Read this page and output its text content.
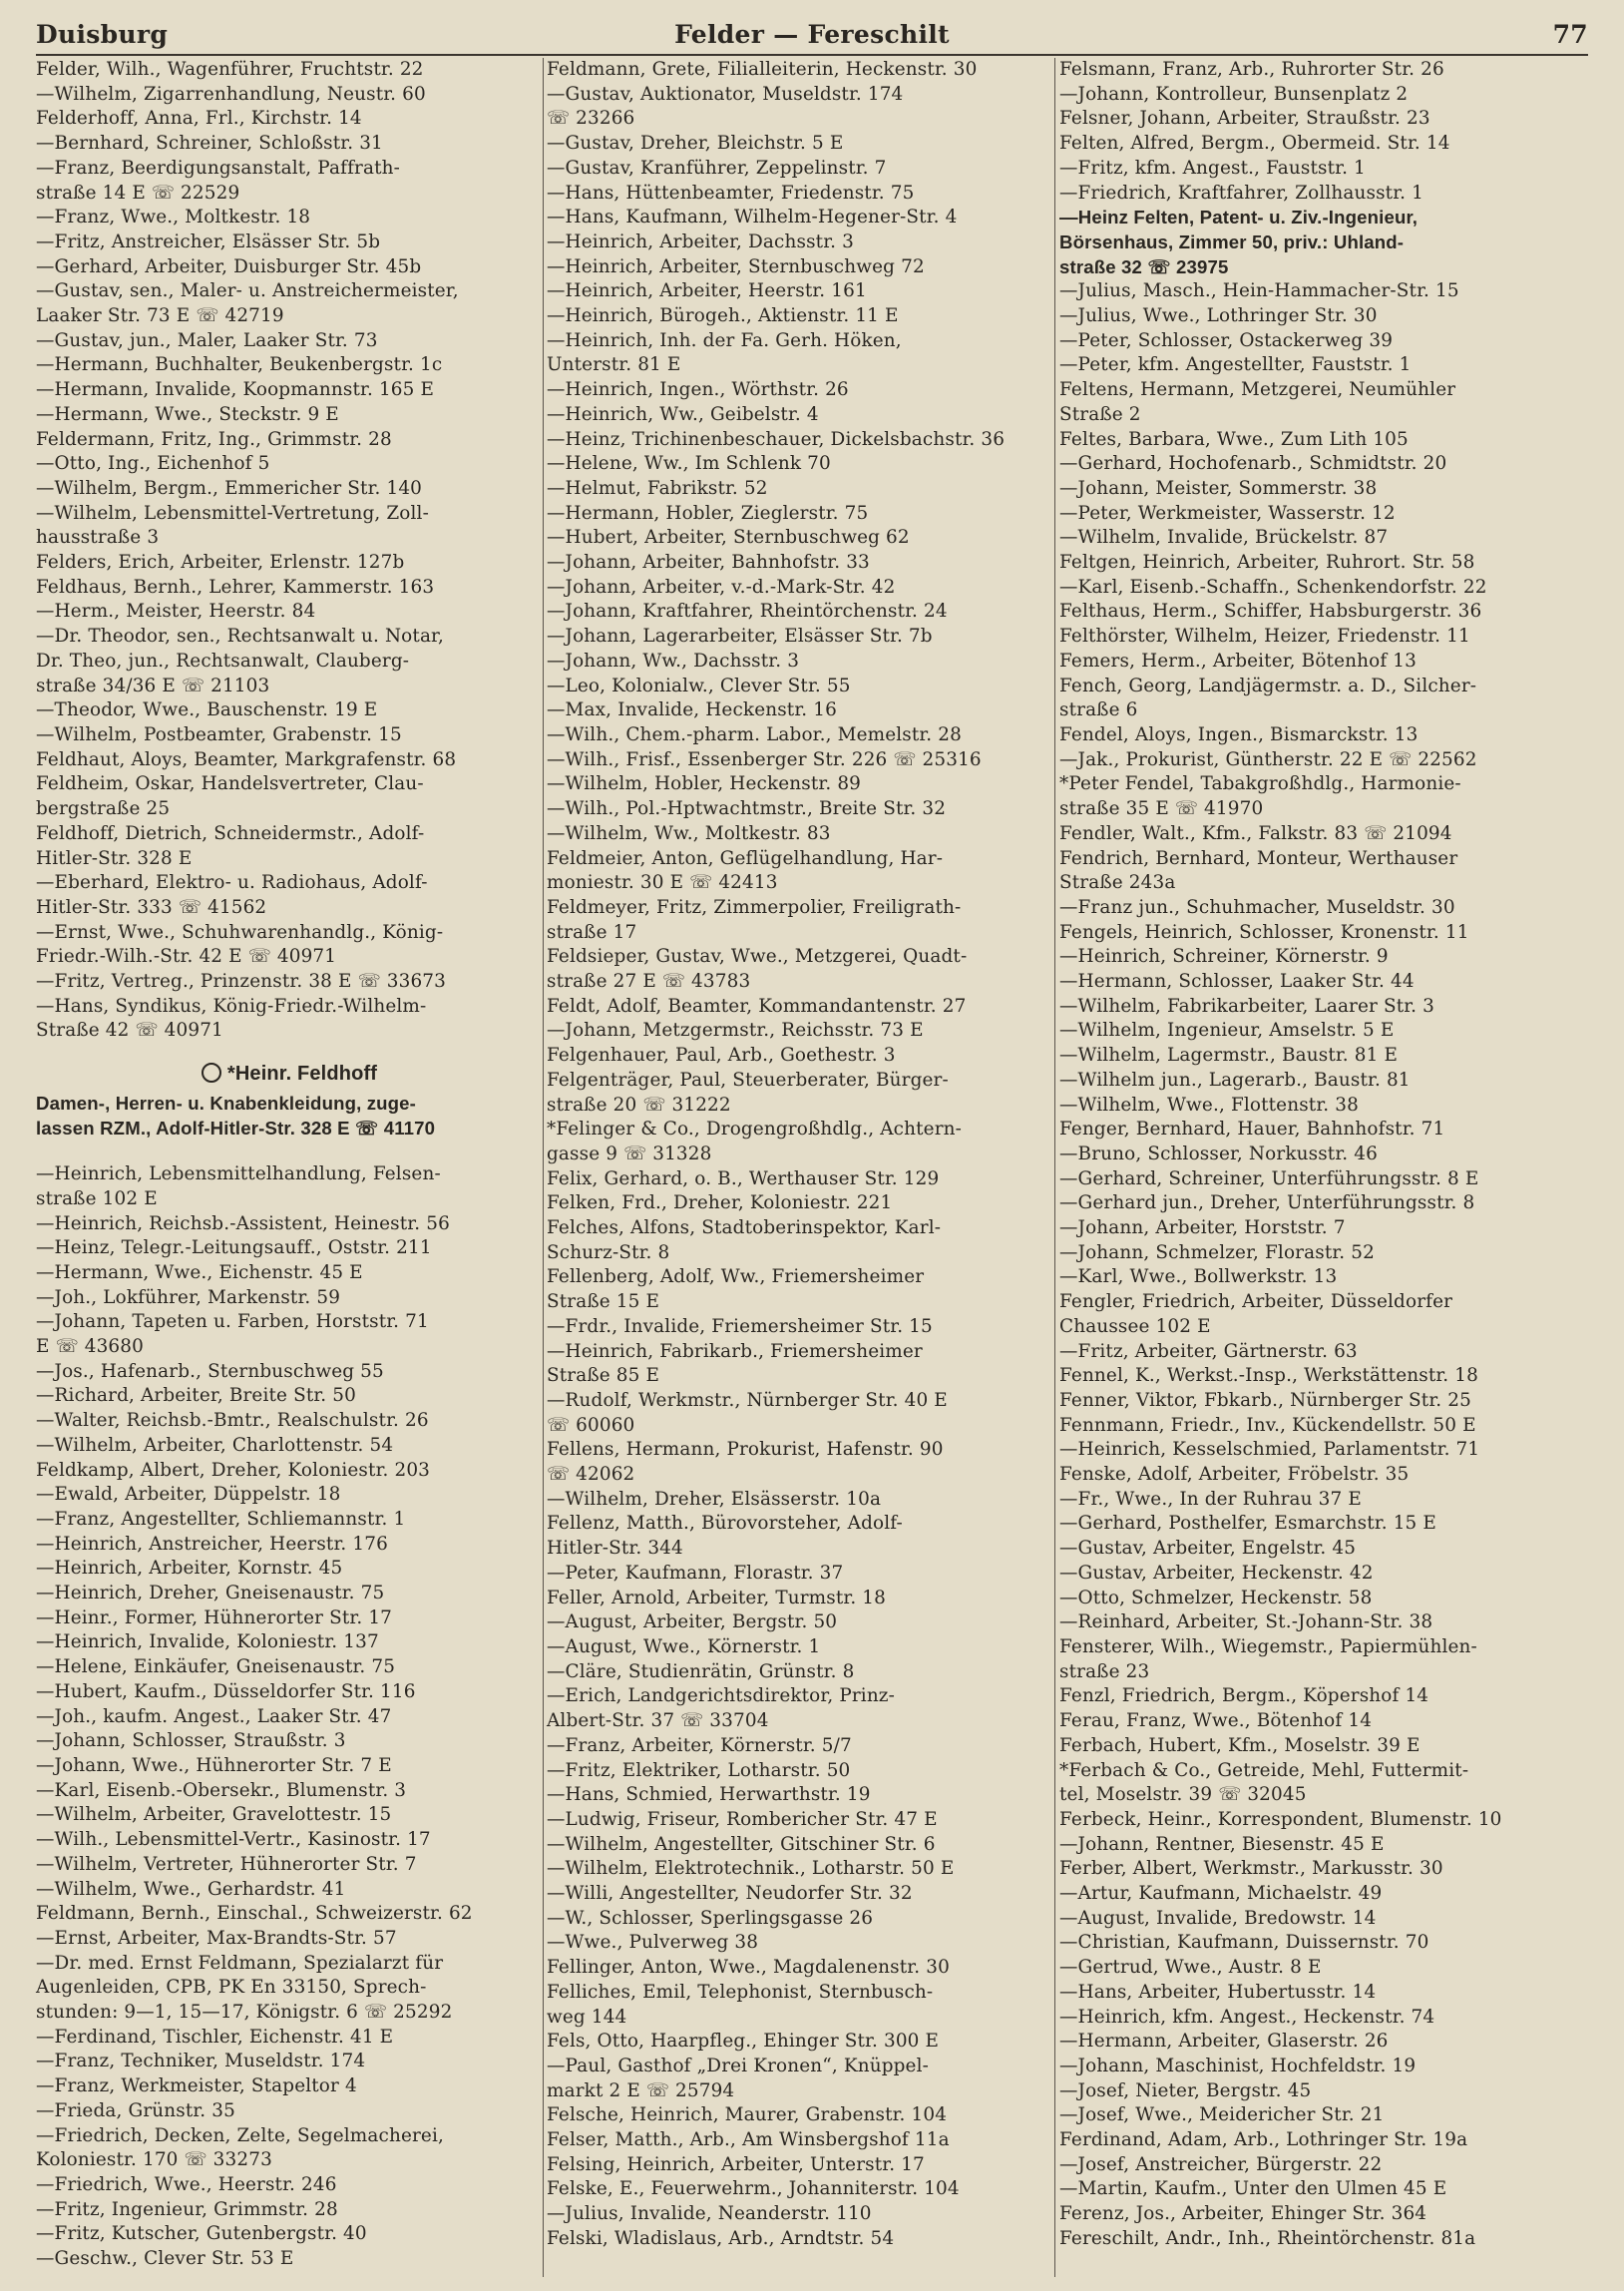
Duisburg	Felder — Fereschilt	77
Felder, Wilh., Wagenführer, Fruchtstr. 22
—Wilhelm, Zigarrenhandlung, Neustr. 60
Felderhoff, Anna, Frl., Kirchstr. 14
—Bernhard, Schreiner, Schloßstr. 31
—Franz, Beerdigungsanstalt, Paffrath-
straße 14 E ☏ 22529
—Franz, Wwe., Moltkestr. 18
—Fritz, Anstreicher, Elsässer Str. 5b
—Gerhard, Arbeiter, Duisburger Str. 45b
—Gustav, sen., Maler- u. Anstreichermeister,
Laaker Str. 73 E ☏ 42719
—Gustav, jun., Maler, Laaker Str. 73
—Hermann, Buchhalter, Beukenbergstr. 1c
—Hermann, Invalide, Koopmannstr. 165 E
—Hermann, Wwe., Steckstr. 9 E
Feldermann, Fritz, Ing., Grimmstr. 28
—Otto, Ing., Eichenhof 5
—Wilhelm, Bergm., Emmericher Str. 140
—Wilhelm, Lebensmittel-Vertretung, Zoll-
hausstraße 3
Felders, Erich, Arbeiter, Erlenstr. 127b
Feldhaus, Bernh., Lehrer, Kammerstr. 163
—Herm., Meister, Heerstr. 84
—Dr. Theodor, sen., Rechtsanwalt u. Notar,
Dr. Theo, jun., Rechtsanwalt, Clauberg-
straße 34/36 E ☏ 21103
—Theodor, Wwe., Bauschenstr. 19 E
—Wilhelm, Postbeamter, Grabenstr. 15
Feldhaut, Aloys, Beamter, Markgrafenstr. 68
Feldheim, Oskar, Handelsvertreter, Clau-
bergstraße 25
Feldhoff, Dietrich, Schneidermstr., Adolf-
Hitler-Str. 328 E
—Eberhard, Elektro- u. Radiohaus, Adolf-
Hitler-Str. 333 ☏ 41562
—Ernst, Wwe., Schuhwarenhandlg., König-
Friedr.-Wilh.-Str. 42 E ☏ 40971
—Fritz, Vertreg., Prinzenstr. 38 E ☏ 33673
—Hans, Syndikus, König-Friedr.-Wilhelm-
Straße 42 ☏ 40971
*Heinr. Feldhoff
Damen-, Herren- u. Knabenkleidung, zuge-
lassen RZM., Adolf-Hitler-Str. 328 E ☏ 41170
—Heinrich, Lebensmittelhandlung, Felsen-
straße 102 E
—Heinrich, Reichsb.-Assistent, Heinestr. 56
—Heinz, Telegr.-Leitungsauff., Oststr. 211
—Hermann, Wwe., Eichenstr. 45 E
—Joh., Lokführer, Markenstr. 59
—Johann, Tapeten u. Farben, Horststr. 71
E ☏ 43680
—Jos., Hafenarb., Sternbuschweg 55
—Richard, Arbeiter, Breite Str. 50
—Walter, Reichsb.-Bmtr., Realschulstr. 26
—Wilhelm, Arbeiter, Charlottenstr. 54
Feldkamp, Albert, Dreher, Koloniestr. 203
—Ewald, Arbeiter, Düppelstr. 18
—Franz, Angestellter, Schliemannstr. 1
—Heinrich, Anstreicher, Heerstr. 176
—Heinrich, Arbeiter, Kornstr. 45
—Heinrich, Dreher, Gneisenaustr. 75
—Heinr., Former, Hühnerorter Str. 17
—Heinrich, Invalide, Koloniestr. 137
—Helene, Einkäufer, Gneisenaustr. 75
—Hubert, Kaufm., Düsseldorfer Str. 116
—Joh., kaufm. Angest., Laaker Str. 47
—Johann, Schlosser, Straußstr. 3
—Johann, Wwe., Hühnerorter Str. 7 E
—Karl, Eisenb.-Obersekr., Blumenstr. 3
—Wilhelm, Arbeiter, Gravelottestr. 15
—Wilh., Lebensmittel-Vertr., Kasinostr. 17
—Wilhelm, Vertreter, Hühnerorter Str. 7
—Wilhelm, Wwe., Gerhardstr. 41
Feldmann, Bernh., Einschal., Schweizerstr. 62
—Ernst, Arbeiter, Max-Brandts-Str. 57
—Dr. med. Ernst Feldmann, Spezialarzt für
Augenleiden, CPB, PK En 33150, Sprech-
stunden: 9—1, 15—17, Königstr. 6 ☏ 25292
—Ferdinand, Tischler, Eichenstr. 41 E
—Franz, Techniker, Museldstr. 174
—Franz, Werkmeister, Stapeltor 4
—Frieda, Grünstr. 35
—Friedrich, Decken, Zelte, Segelmacherei,
Koloniestr. 170 ☏ 33273
—Friedrich, Wwe., Heerstr. 246
—Fritz, Ingenieur, Grimmstr. 28
—Fritz, Kutscher, Gutenbergstr. 40
—Geschw., Clever Str. 53 E
Feldmann, Grete, Filialleiterin, Heckenstr. 30
—Gustav, Auktionator, Museldstr. 174
☏ 23266
—Gustav, Dreher, Bleichstr. 5 E
—Gustav, Kranführer, Zeppelinstr. 7
—Hans, Hüttenbeamter, Friedenstr. 75
—Hans, Kaufmann, Wilhelm-Hegener-Str. 4
—Heinrich, Arbeiter, Dachsstr. 3
—Heinrich, Arbeiter, Sternbuschweg 72
—Heinrich, Arbeiter, Heerstr. 161
—Heinrich, Bürogeh., Aktienstr. 11 E
—Heinrich, Inh. der Fa. Gerh. Höken,
Unterstr. 81 E
—Heinrich, Ingen., Wörthstr. 26
—Heinrich, Ww., Geibelstr. 4
—Heinz, Trichinenbeschauer, Dickelsbachstr. 36
—Helene, Ww., Im Schlenk 70
—Helmut, Fabrikstr. 52
—Hermann, Hobler, Zieglerstr. 75
—Hubert, Arbeiter, Sternbuschweg 62
—Johann, Arbeiter, Bahnhofstr. 33
—Johann, Arbeiter, v.-d.-Mark-Str. 42
—Johann, Kraftfahrer, Rheintörchenstr. 24
—Johann, Lagerarbeiter, Elsässer Str. 7b
—Johann, Ww., Dachsstr. 3
—Leo, Kolonialw., Clever Str. 55
—Max, Invalide, Heckenstr. 16
—Wilh., Chem.-pharm. Labor., Memelstr. 28
—Wilh., Frisf., Essenberger Str. 226 ☏ 25316
—Wilhelm, Hobler, Heckenstr. 89
—Wilh., Pol.-Hptwachtmstr., Breite Str. 32
—Wilhelm, Ww., Moltkestr. 83
Feldmeier, Anton, Geflügelhandlung, Har-
moniestr. 30 E ☏ 42413
Feldmeyer, Fritz, Zimmerpolier, Freiligrath-
straße 17
Feldsieper, Gustav, Wwe., Metzgerei, Quadt-
straße 27 E ☏ 43783
Feldt, Adolf, Beamter, Kommandantenstr. 27
—Johann, Metzgermstr., Reichsstr. 73 E
Felgenhauer, Paul, Arb., Goethestr. 3
Felgenträger, Paul, Steuerberater, Bürger-
straße 20 ☏ 31222
*Felinger & Co., Drogengroßhdlg., Achtern-
gasse 9 ☏ 31328
Felix, Gerhard, o. B., Werthauser Str. 129
Felken, Frd., Dreher, Koloniestr. 221
Felches, Alfons, Stadtoberinspektor, Karl-
Schurz-Str. 8
Fellenberg, Adolf, Ww., Friemersheimer
Straße 15 E
—Frdr., Invalide, Friemersheimer Str. 15
—Heinrich, Fabrikarb., Friemersheimer
Straße 85 E
—Rudolf, Werkmstr., Nürnberger Str. 40 E
☏ 60060
Fellens, Hermann, Prokurist, Hafenstr. 90
☏ 42062
—Wilhelm, Dreher, Elsässerstr. 10a
Fellenz, Matth., Bürovorsteher, Adolf-
Hitler-Str. 344
—Peter, Kaufmann, Florastr. 37
Feller, Arnold, Arbeiter, Turmstr. 18
—August, Arbeiter, Bergstr. 50
—August, Wwe., Körnerstr. 1
—Cläre, Studienrätin, Grünstr. 8
—Erich, Landgerichtsdirektor, Prinz-
Albert-Str. 37 ☏ 33704
—Franz, Arbeiter, Körnerstr. 5/7
—Fritz, Elektriker, Lotharstr. 50
—Hans, Schmied, Herwarthstr. 19
—Ludwig, Friseur, Rombericher Str. 47 E
—Wilhelm, Angestellter, Gitschiner Str. 6
—Wilhelm, Elektrotechnik., Lotharstr. 50 E
—Willi, Angestellter, Neudorfer Str. 32
—W., Schlosser, Sperlingsgasse 26
—Wwe., Pulverweg 38
Fellinger, Anton, Wwe., Magdalenenstr. 30
Felliches, Emil, Telephonist, Sternbusch-
weg 144
Fels, Otto, Haarpfleg., Ehinger Str. 300 E
—Paul, Gasthof „Drei Kronen“, Knüppel-
markt 2 E ☏ 25794
Felsche, Heinrich, Maurer, Grabenstr. 104
Felser, Matth., Arb., Am Winsbergshof 11a
Felsing, Heinrich, Arbeiter, Unterstr. 17
Felske, E., Feuerwehrm., Johanniterstr. 104
—Julius, Invalide, Neanderstr. 110
Felski, Wladislaus, Arb., Arndtstr. 54
Felsmann, Franz, Arb., Ruhrorter Str. 26
—Johann, Kontrolleur, Bunsenplatz 2
Felsner, Johann, Arbeiter, Straußstr. 23
Felten, Alfred, Bergm., Obermeid. Str. 14
—Fritz, kfm. Angest., Fauststr. 1
—Friedrich, Kraftfahrer, Zollhausstr. 1
—Heinz Felten, Patent- u. Ziv.-Ingenieur,
Börsenhaus, Zimmer 50, priv.: Uhland-
straße 32 ☏ 23975
—Julius, Masch., Hein-Hammacher-Str. 15
—Julius, Wwe., Lothringer Str. 30
—Peter, Schlosser, Ostackerweg 39
—Peter, kfm. Angestellter, Fauststr. 1
Feltens, Hermann, Metzgerei, Neumühler
Straße 2
Feltes, Barbara, Wwe., Zum Lith 105
—Gerhard, Hochofenarb., Schmidtstr. 20
—Johann, Meister, Sommerstr. 38
—Peter, Werkmeister, Wasserstr. 12
—Wilhelm, Invalide, Brückelstr. 87
Feltgen, Heinrich, Arbeiter, Ruhrort. Str. 58
—Karl, Eisenb.-Schaffn., Schenkendorfstr. 22
Felthaus, Herm., Schiffer, Habsburgerstr. 36
Felthörster, Wilhelm, Heizer, Friedenstr. 11
Femers, Herm., Arbeiter, Bötenhof 13
Fench, Georg, Landjägermstr. a. D., Silcher-
straße 6
Fendel, Aloys, Ingen., Bismarckstr. 13
—Jak., Prokurist, Güntherstr. 22 E ☏ 22562
*Peter Fendel, Tabakgroßhdlg., Harmonie-
straße 35 E ☏ 41970
Fendler, Walt., Kfm., Falkstr. 83 ☏ 21094
Fendrich, Bernhard, Monteur, Werthauser
Straße 243a
—Franz jun., Schuhmacher, Museldstr. 30
Fengels, Heinrich, Schlosser, Kronenstr. 11
—Heinrich, Schreiner, Körnerstr. 9
—Hermann, Schlosser, Laaker Str. 44
—Wilhelm, Fabrikarbeiter, Laarer Str. 3
—Wilhelm, Ingenieur, Amselstr. 5 E
—Wilhelm, Lagermstr., Baustr. 81 E
—Wilhelm jun., Lagerarb., Baustr. 81
—Wilhelm, Wwe., Flottenstr. 38
Fenger, Bernhard, Hauer, Bahnhofstr. 71
—Bruno, Schlosser, Norkusstr. 46
—Gerhard, Schreiner, Unterführungsstr. 8 E
—Gerhard jun., Dreher, Unterführungsstr. 8
—Johann, Arbeiter, Horststr. 7
—Johann, Schmelzer, Florastr. 52
—Karl, Wwe., Bollwerkstr. 13
Fengler, Friedrich, Arbeiter, Düsseldorfer
Chaussee 102 E
—Fritz, Arbeiter, Gärtnerstr. 63
Fennel, K., Werkst.-Insp., Werkstättenstr. 18
Fenner, Viktor, Fbkarb., Nürnberger Str. 25
Fennmann, Friedr., Inv., Kückendellstr. 50 E
—Heinrich, Kesselschmied, Parlamentstr. 71
Fenske, Adolf, Arbeiter, Fröbelstr. 35
—Fr., Wwe., In der Ruhrau 37 E
—Gerhard, Posthelfer, Esmarchstr. 15 E
—Gustav, Arbeiter, Engelstr. 45
—Gustav, Arbeiter, Heckenstr. 42
—Otto, Schmelzer, Heckenstr. 58
—Reinhard, Arbeiter, St.-Johann-Str. 38
Fensterer, Wilh., Wiegemstr., Papiermühlen-
straße 23
Fenzl, Friedrich, Bergm., Köpershof 14
Ferau, Franz, Wwe., Bötenhof 14
Ferbach, Hubert, Kfm., Moselstr. 39 E
*Ferbach & Co., Getreide, Mehl, Futtermit-
tel, Moselstr. 39 ☏ 32045
Ferbeck, Heinr., Korrespondent, Blumenstr. 10
—Johann, Rentner, Biesenstr. 45 E
Ferber, Albert, Werkmstr., Markusstr. 30
—Artur, Kaufmann, Michaelstr. 49
—August, Invalide, Bredowstr. 14
—Christian, Kaufmann, Duissernstr. 70
—Gertrud, Wwe., Austr. 8 E
—Hans, Arbeiter, Hubertusstr. 14
—Heinrich, kfm. Angest., Heckenstr. 74
—Hermann, Arbeiter, Glaserstr. 26
—Johann, Maschinist, Hochfeldstr. 19
—Josef, Nieter, Bergstr. 45
—Josef, Wwe., Meidericher Str. 21
Ferdinand, Adam, Arb., Lothringer Str. 19a
—Josef, Anstreicher, Bürgerstr. 22
—Martin, Kaufm., Unter den Ulmen 45 E
Ferenz, Jos., Arbeiter, Ehinger Str. 364
Fereschilt, Andr., Inh., Rheintörchenstr. 81a
